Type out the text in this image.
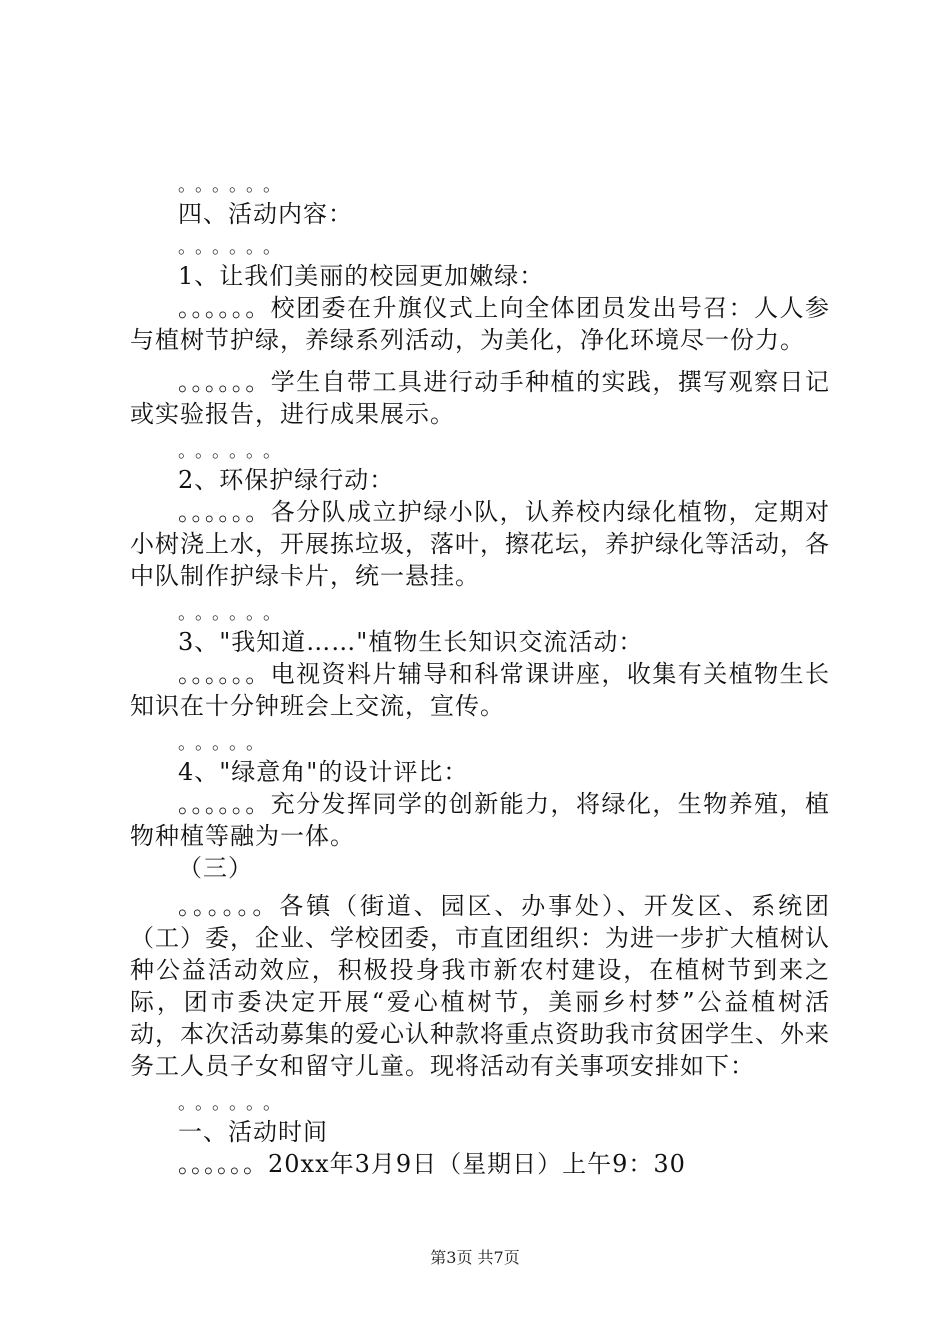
。。。。。。
四、活动内容：
。。。。。。
1、让我们美丽的校园更加嫩绿：
。。。。。。校团委在升旗仪式上向全体团员发出号召：人人参与植树节护绿，养绿系列活动，为美化，净化环境尽一份力。
。。。。。。学生自带工具进行动手种植的实践，撰写观察日记或实验报告，进行成果展示。
。。。。。。
2、环保护绿行动：
。。。。。。各分队成立护绿小队，认养校内绿化植物，定期对小树浇上水，开展拣垃圾，落叶，擦花坛，养护绿化等活动，各中队制作护绿卡片，统一悬挂。
。。。。。。
3、"我知道……"植物生长知识交流活动：
。。。。。。电视资料片辅导和科常课讲座，收集有关植物生长知识在十分钟班会上交流，宣传。
。。。。。
4、"绿意角"的设计评比：
。。。。。。充分发挥同学的创新能力，将绿化，生物养殖，植物种植等融为一体。
（三）
。。。。。。各镇（街道、园区、办事处）、开发区、系统团（工）委，企业、学校团委，市直团组织：为进一步扩大植树认种公益活动效应，积极投身我市新农村建设，在植树节到来之际，团市委决定开展“爱心植树节，美丽乡村梦”公益植树活动，本次活动募集的爱心认种款将重点资助我市贫困学生、外来务工人员子女和留守儿童。现将活动有关事项安排如下：
。。。。。。
一、活动时间
。。。。。。20xx年3月9日（星期日）上午9：30
第3页 共7页
